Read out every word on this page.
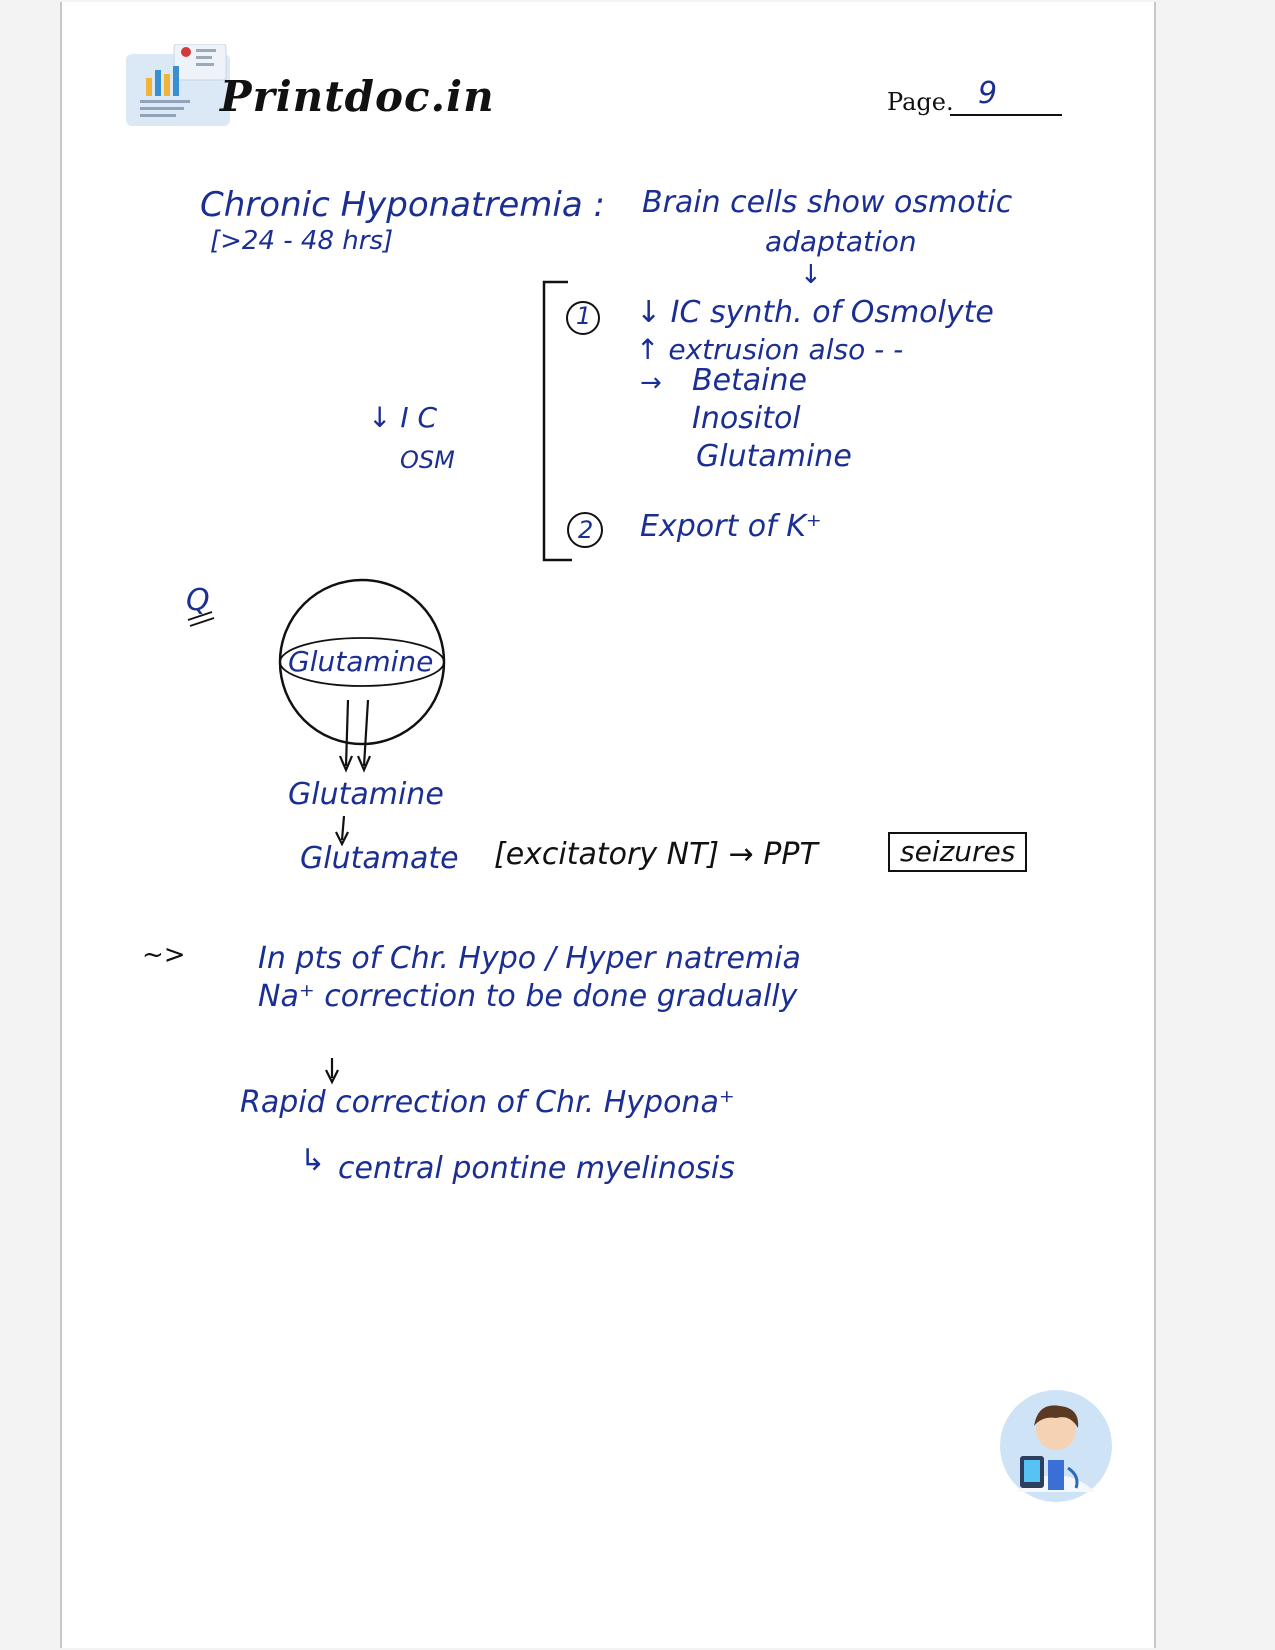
Printdoc.in	Page. 9
Chronic Hyponatremia :
[>24 - 48 hrs]
Brain cells show osmotic
adaptation
↓
1 ↓ IC synth. of Osmolyte
↑ extrusion also - -
→ Betaine
Inositol
Glutamine
↓ I C
OSM
2 Export of K⁺
Q
Glutamine
Glutamine
Glutamate [excitatory NT] → PPT	seizures
~> In pts of Chr. Hypo / Hyper natremia
Na⁺ correction to be done gradually
Rapid correction of Chr. Hypona⁺
↳ central pontine myelinosis
